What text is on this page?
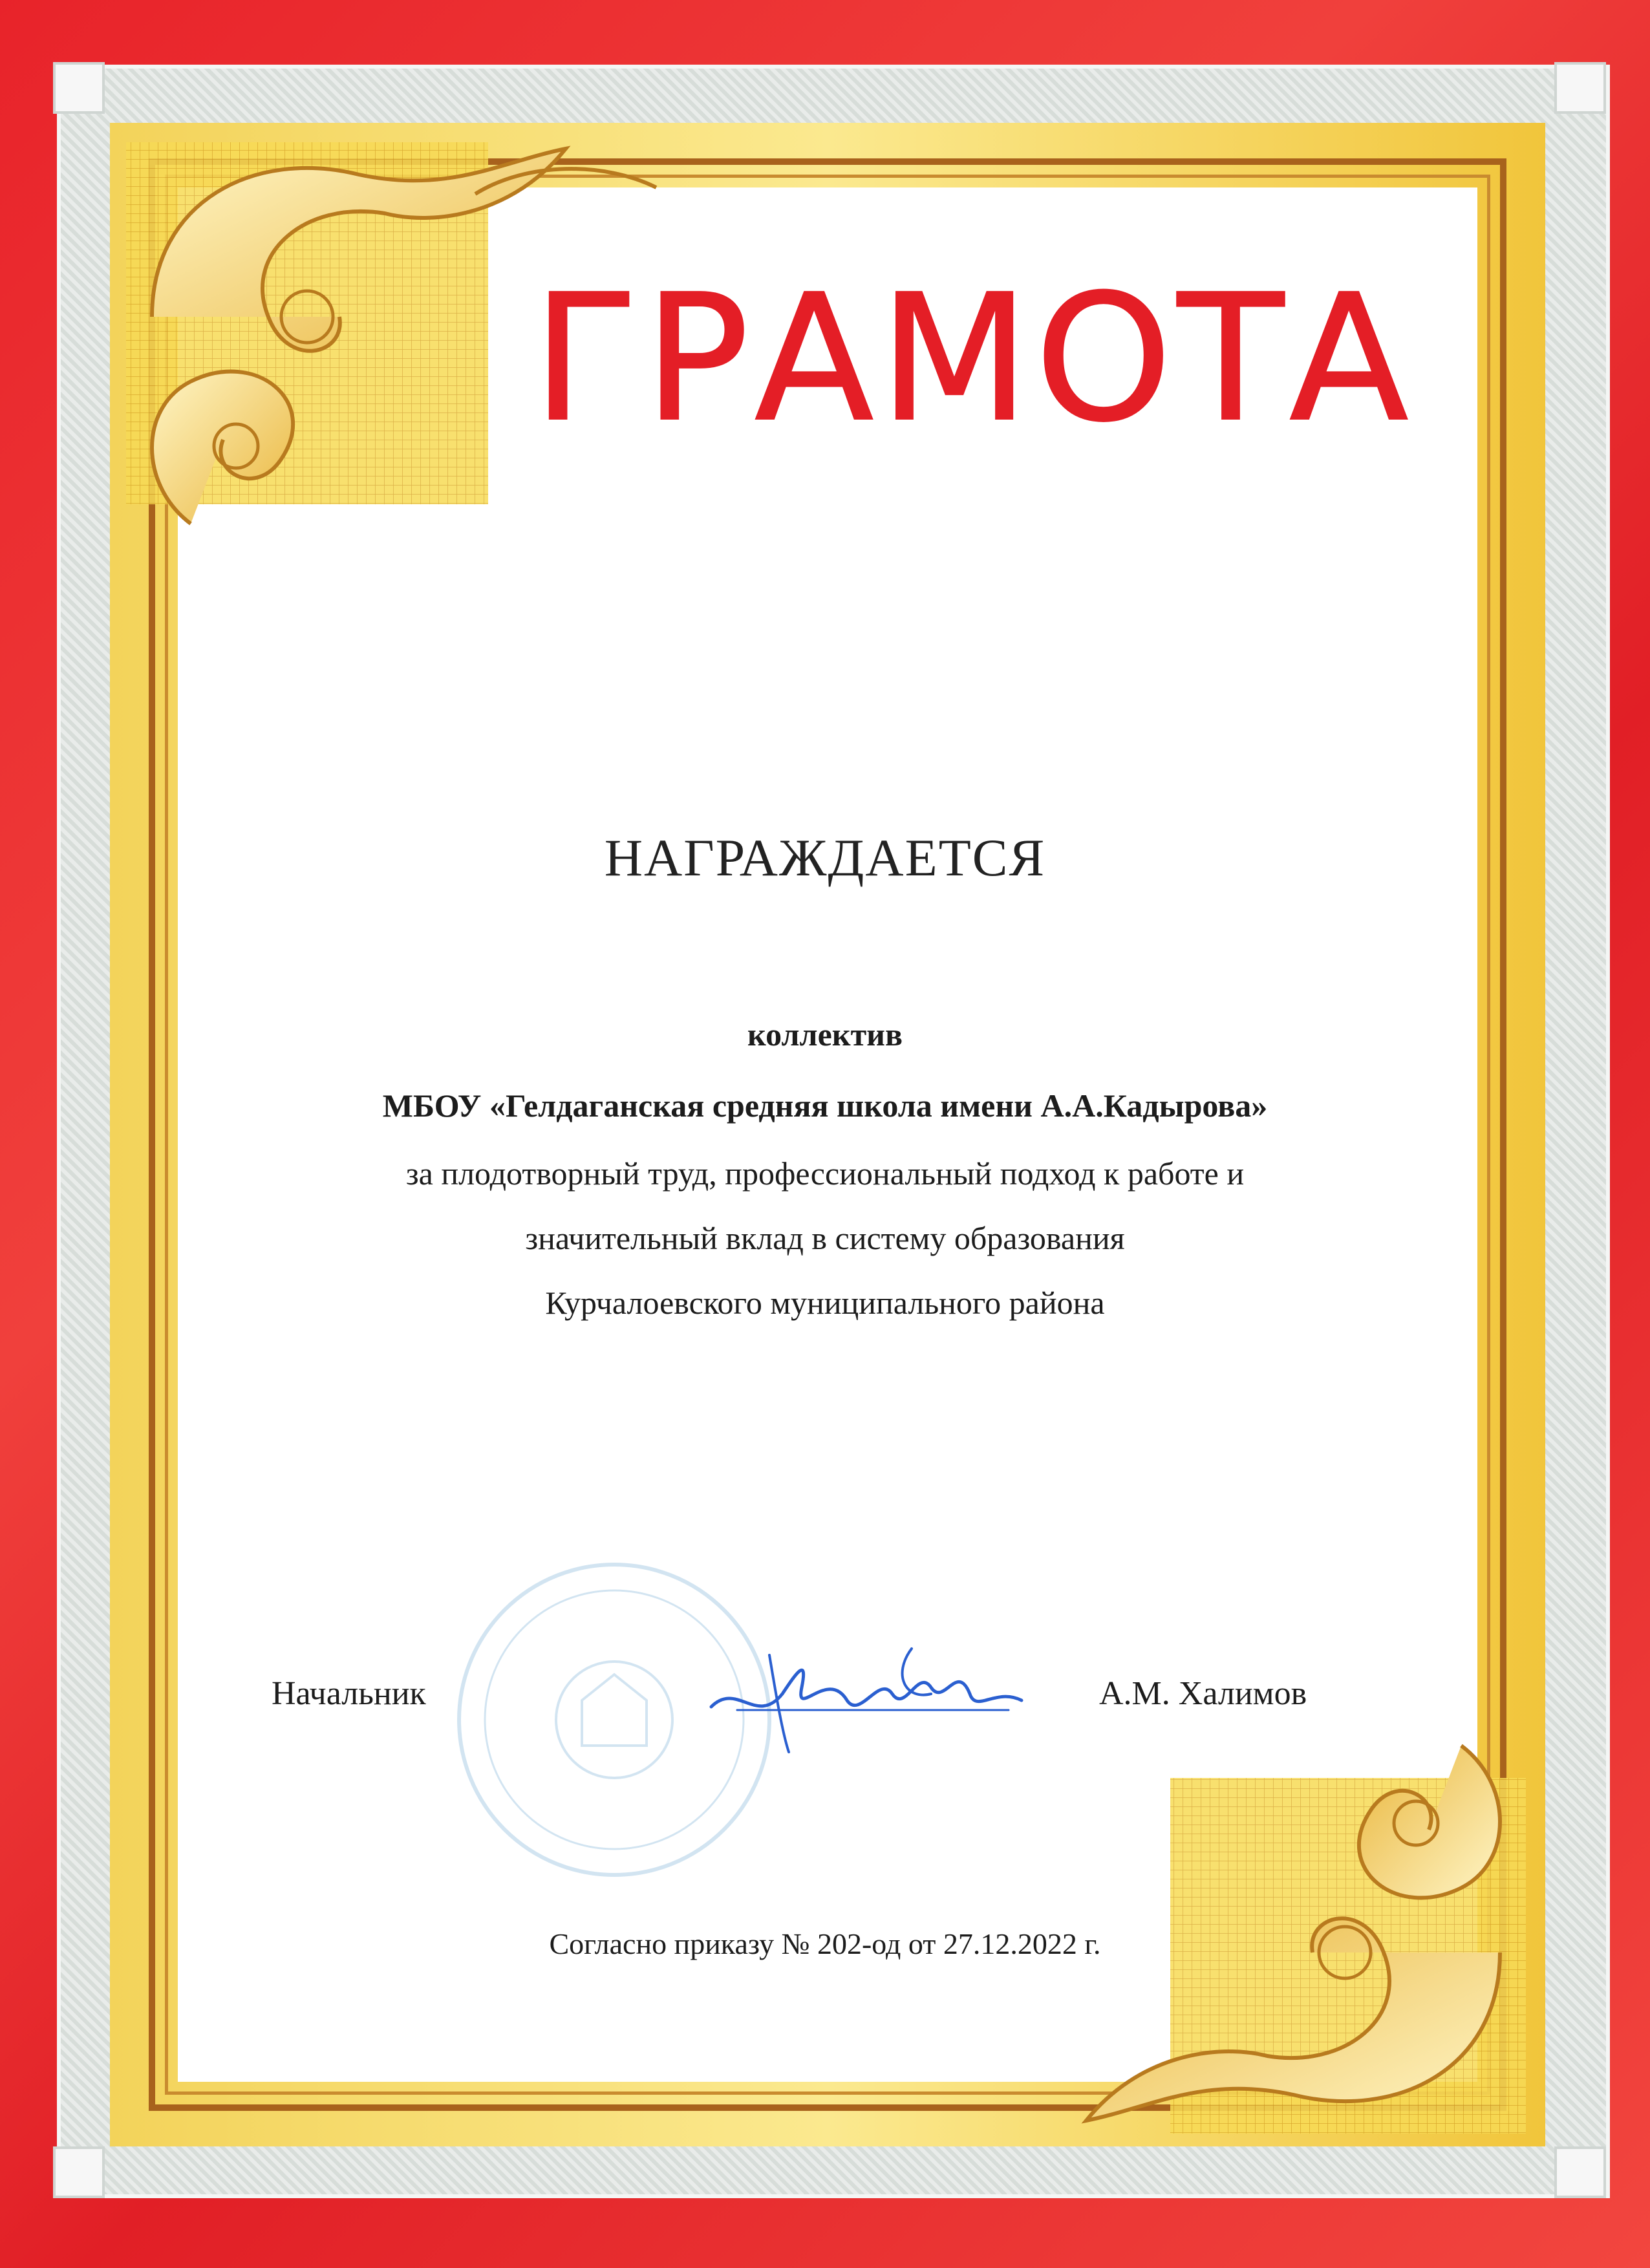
ГРАМОТА
НАГРАЖДАЕТСЯ
коллектив
МБОУ «Гелдаганская средняя школа имени А.А.Кадырова»
за плодотворный труд, профессиональный подход к работе и
значительный вклад в систему образования
Курчалоевского муниципального района
Начальник	А.М. Халимов
Согласно приказу № 202-од от 27.12.2022 г.
